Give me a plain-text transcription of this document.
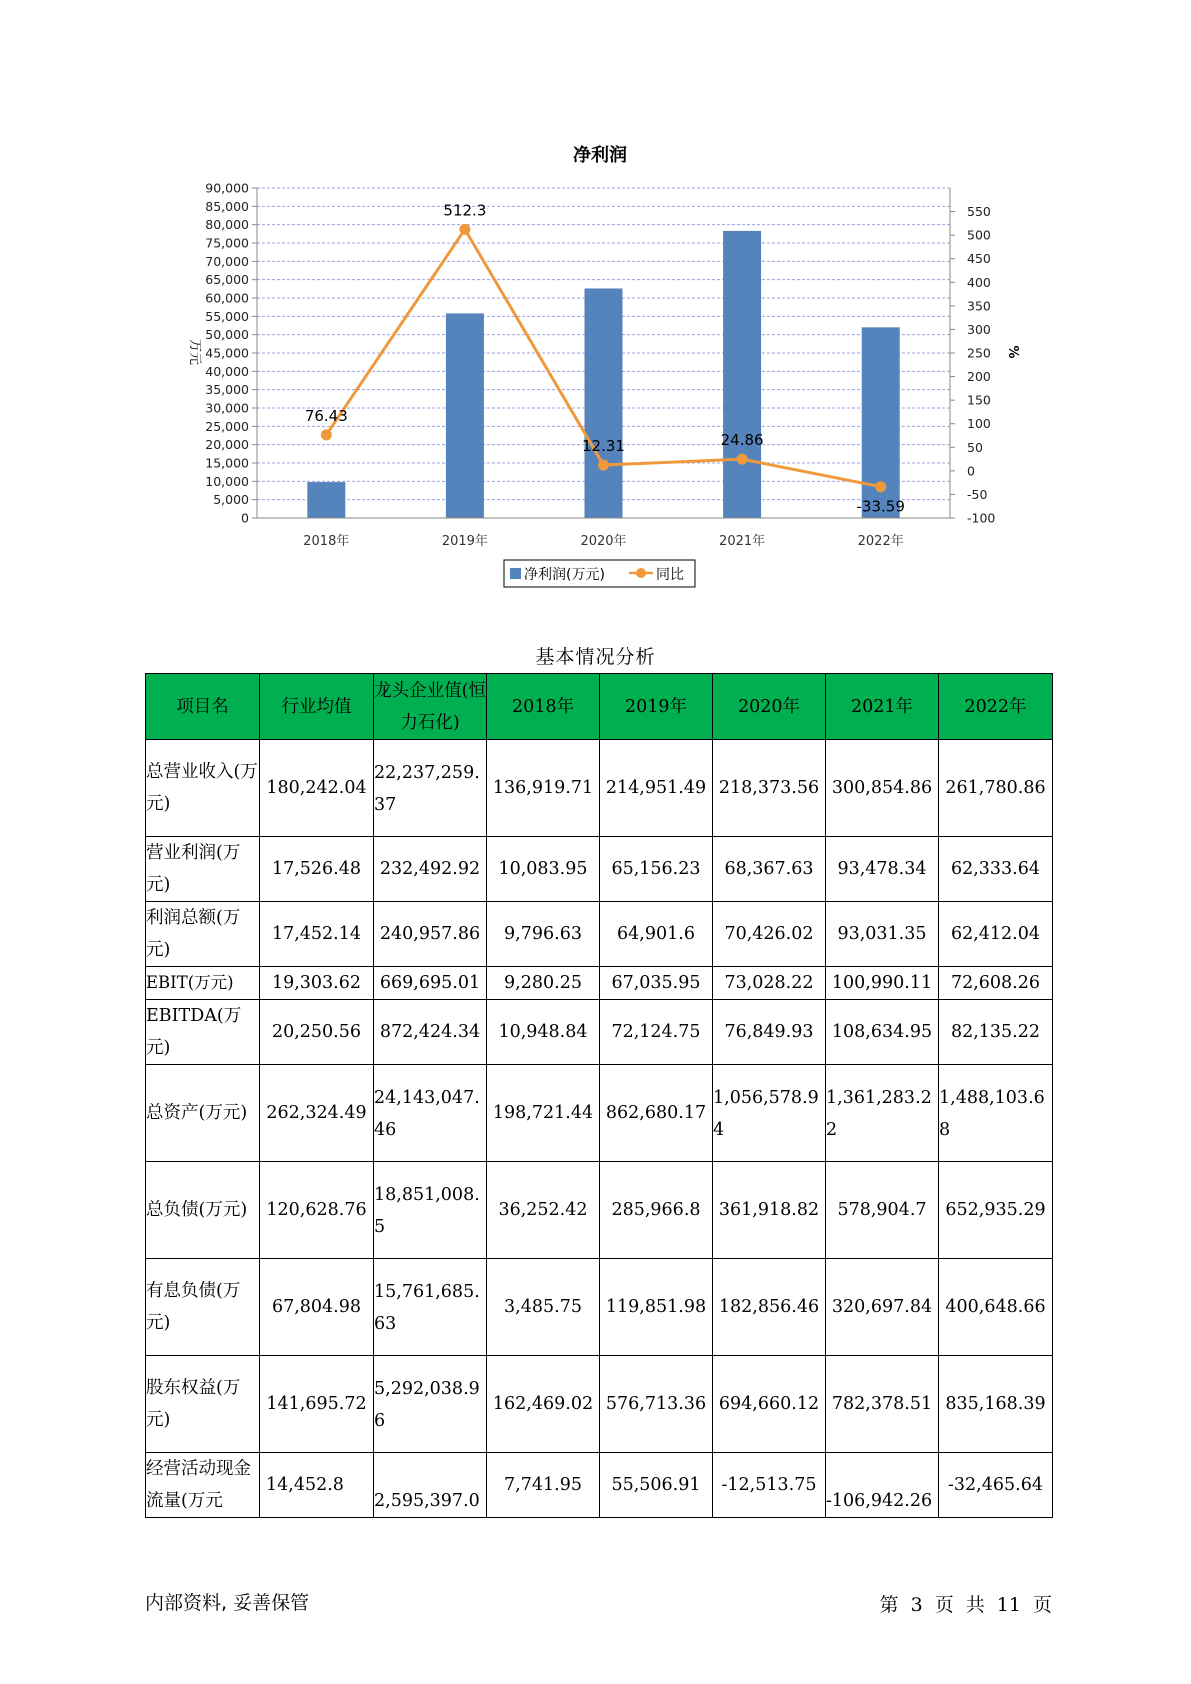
净利润
0
5,000
10,000
15,000
20,000
25,000
30,000
35,000
40,000
45,000
50,000
55,000
60,000
65,000
70,000
75,000
80,000
85,000
90,000
-100
-50
0
50
100
150
200
250
300
350
400
450
500
550
2018年	2019年	2020年	2021年	2022年
76.43
512.3
12.31	24.86
-33.59
万元	%
净利润(万元)	同比
基本情况分析
项目名	行业均值	龙头企业值(恒力石化)	2018年	2019年	2020年	2021年	2022年
总营业收入(万元)	180,242.04	22,237,259.37	136,919.71	214,951.49	218,373.56	300,854.86	261,780.86
营业利润(万元)	17,526.48	232,492.92	10,083.95	65,156.23	68,367.63	93,478.34	62,333.64
利润总额(万元)	17,452.14	240,957.86	9,796.63	64,901.6	70,426.02	93,031.35	62,412.04
EBIT(万元)	19,303.62	669,695.01	9,280.25	67,035.95	73,028.22	100,990.11	72,608.26
EBITDA(万元)	20,250.56	872,424.34	10,948.84	72,124.75	76,849.93	108,634.95	82,135.22
总资产(万元)	262,324.49	24,143,047.46	198,721.44	862,680.17	1,056,578.94	1,361,283.22	1,488,103.68
总负债(万元)	120,628.76	18,851,008.5	36,252.42	285,966.8	361,918.82	578,904.7	652,935.29
有息负债(万元)	67,804.98	15,761,685.63	3,485.75	119,851.98	182,856.46	320,697.84	400,648.66
股东权益(万元)	141,695.72	5,292,038.96	162,469.02	576,713.36	694,660.12	782,378.51	835,168.39
经营活动现金流量(万元	14,452.8	2,595,397.0	7,741.95	55,506.91	-12,513.75	-106,942.26	-32,465.64
内部资料, 妥善保管	第 3 页 共 11 页
